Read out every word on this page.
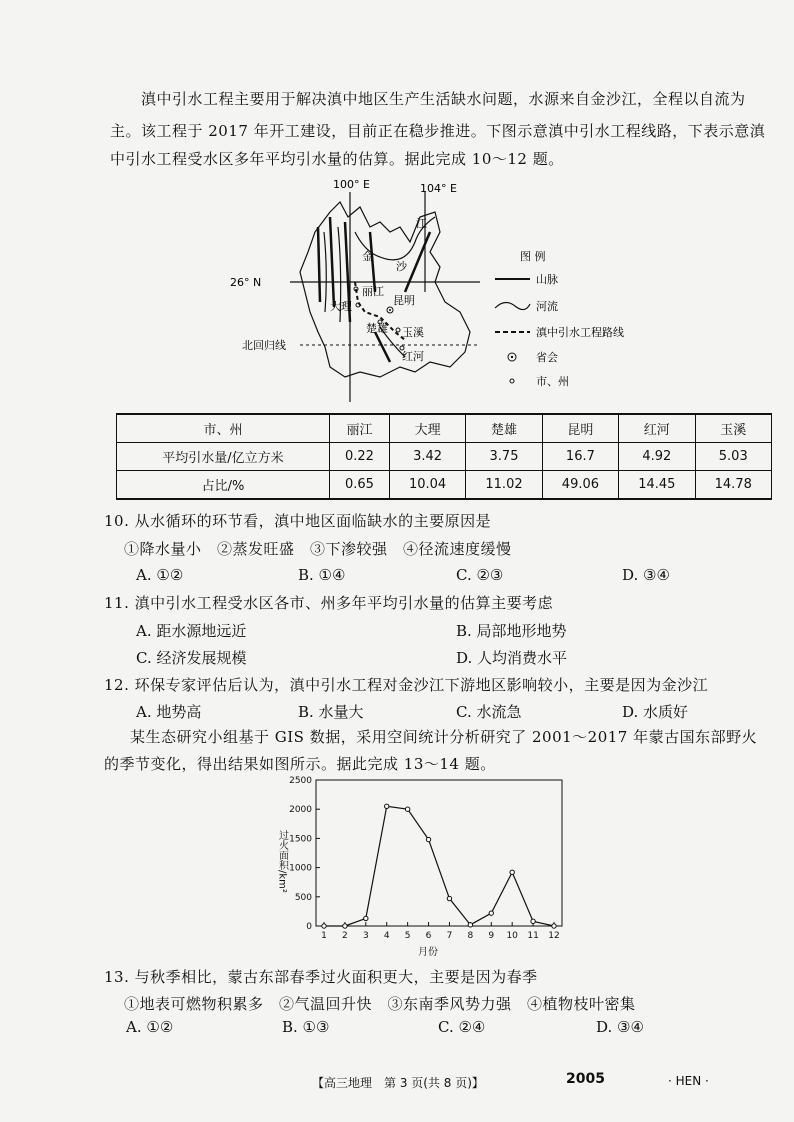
滇中引水工程主要用于解决滇中地区生产生活缺水问题，水源来自金沙江，全程以自流为
主。该工程于 2017 年开工建设，目前正在稳步推进。下图示意滇中引水工程线路，下表示意滇
中引水工程受水区多年平均引水量的估算。据此完成 10～12 题。
100° E	104° E
26° N
北回归线
金
沙
江
丽江
大理	昆明
楚雄 玉溪
红河
图 例
山脉
河流
滇中引水工程路线
省会
市、州
市、州	丽江	大理	楚雄	昆明	红河	玉溪
平均引水量/亿立方米	0.22	3.42	3.75	16.7	4.92	5.03
占比/%	0.65	10.04	11.02	49.06	14.45	14.78
10. 从水循环的环节看，滇中地区面临缺水的主要原因是
①降水量小　②蒸发旺盛　③下渗较强　④径流速度缓慢
A. ①②	B. ①④	C. ②③	D. ③④
11. 滇中引水工程受水区各市、州多年平均引水量的估算主要考虑
A. 距水源地远近	B. 局部地形地势
C. 经济发展规模	D. 人均消费水平
12. 环保专家评估后认为，滇中引水工程对金沙江下游地区影响较小，主要是因为金沙江
A. 地势高	B. 水量大	C. 水流急	D. 水质好
某生态研究小组基于 GIS 数据，采用空间统计分析研究了 2001～2017 年蒙古国东部野火
的季节变化，得出结果如图所示。据此完成 13～14 题。
过火面积/km²
月份
0
500
1000
1500
2000
2500
1 2 3 4 5 6 7 8 9 10 11 12
13. 与秋季相比，蒙古东部春季过火面积更大，主要是因为春季
①地表可燃物积累多　②气温回升快　③东南季风势力强　④植物枝叶密集
A. ①②	B. ①③	C. ②④	D. ③④
【高三地理　第 3 页(共 8 页)】	2005	· HEN ·
